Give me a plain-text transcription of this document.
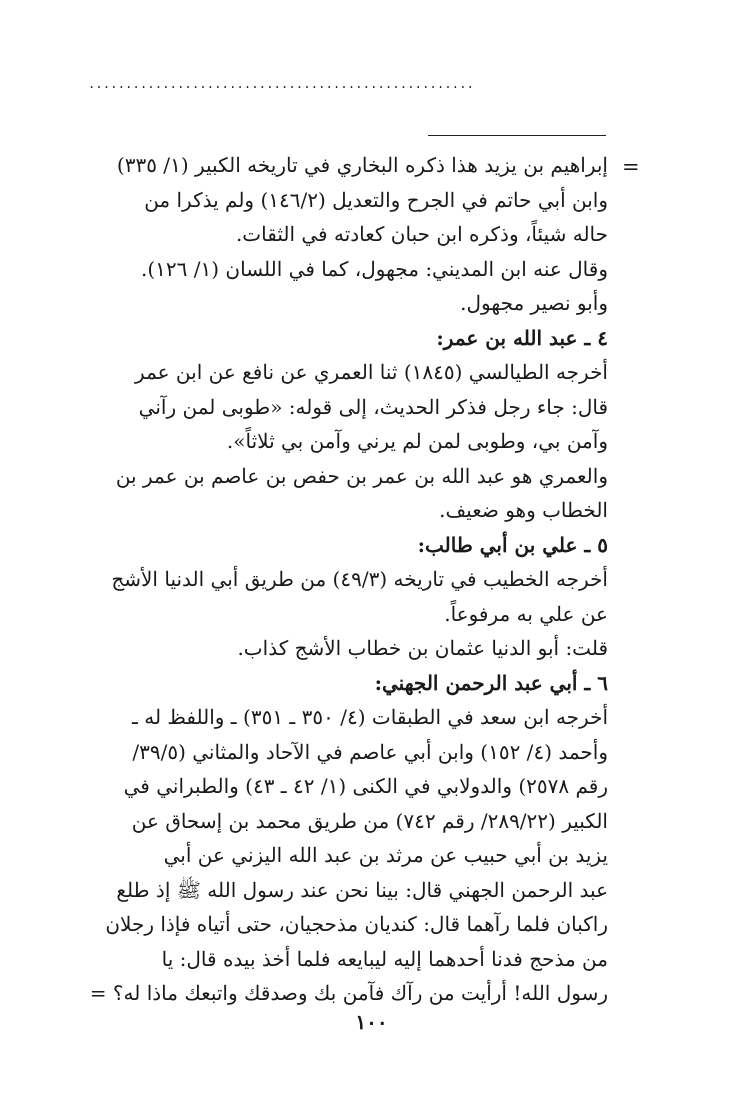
....................................................
=
إبراهيم بن يزيد هذا ذكره البخاري في تاريخه الكبير (١/ ٣٣٥)
وابن أبي حاتم في الجرح والتعديل (١٤٦/٢) ولم يذكرا من
حاله شيئاً، وذكره ابن حبان كعادته في الثقات.
وقال عنه ابن المديني: مجهول، كما في اللسان (١/ ١٢٦).
وأبو نصير مجهول.
٤ ـ عبد الله بن عمر:
أخرجه الطيالسي (١٨٤٥) ثنا العمري عن نافع عن ابن عمر
قال: جاء رجل فذكر الحديث، إلى قوله: «طوبى لمن رآني
وآمن بي، وطوبى لمن لم يرني وآمن بي ثلاثاً».
والعمري هو عبد الله بن عمر بن حفص بن عاصم بن عمر بن
الخطاب وهو ضعيف.
٥ ـ علي بن أبي طالب:
أخرجه الخطيب في تاريخه (٤٩/٣) من طريق أبي الدنيا الأشج
عن علي به مرفوعاً.
قلت: أبو الدنيا عثمان بن خطاب الأشج كذاب.
٦ ـ أبي عبد الرحمن الجهني:
أخرجه ابن سعد في الطبقات (٤/ ٣٥٠ ـ ٣٥١) ـ واللفظ له ـ
وأحمد (٤/ ١٥٢) وابن أبي عاصم في الآحاد والمثاني (٣٩/٥/
رقم ٢٥٧٨) والدولابي في الكنى (١/ ٤٢ ـ ٤٣) والطبراني في
الكبير (٢٨٩/٢٢/ رقم ٧٤٢) من طريق محمد بن إسحاق عن
يزيد بن أبي حبيب عن مرثد بن عبد الله اليزني عن أبي
عبد الرحمن الجهني قال: بينا نحن عند رسول الله ﷺ إذ طلع
راكبان فلما رآهما قال: كنديان مذحجيان، حتى أتياه فإذا رجلان
من مذحج فدنا أحدهما إليه ليبايعه فلما أخذ بيده قال: يا
رسول الله! أرأيت من رآك فآمن بك وصدقك واتبعك ماذا له؟ =
١٠٠
